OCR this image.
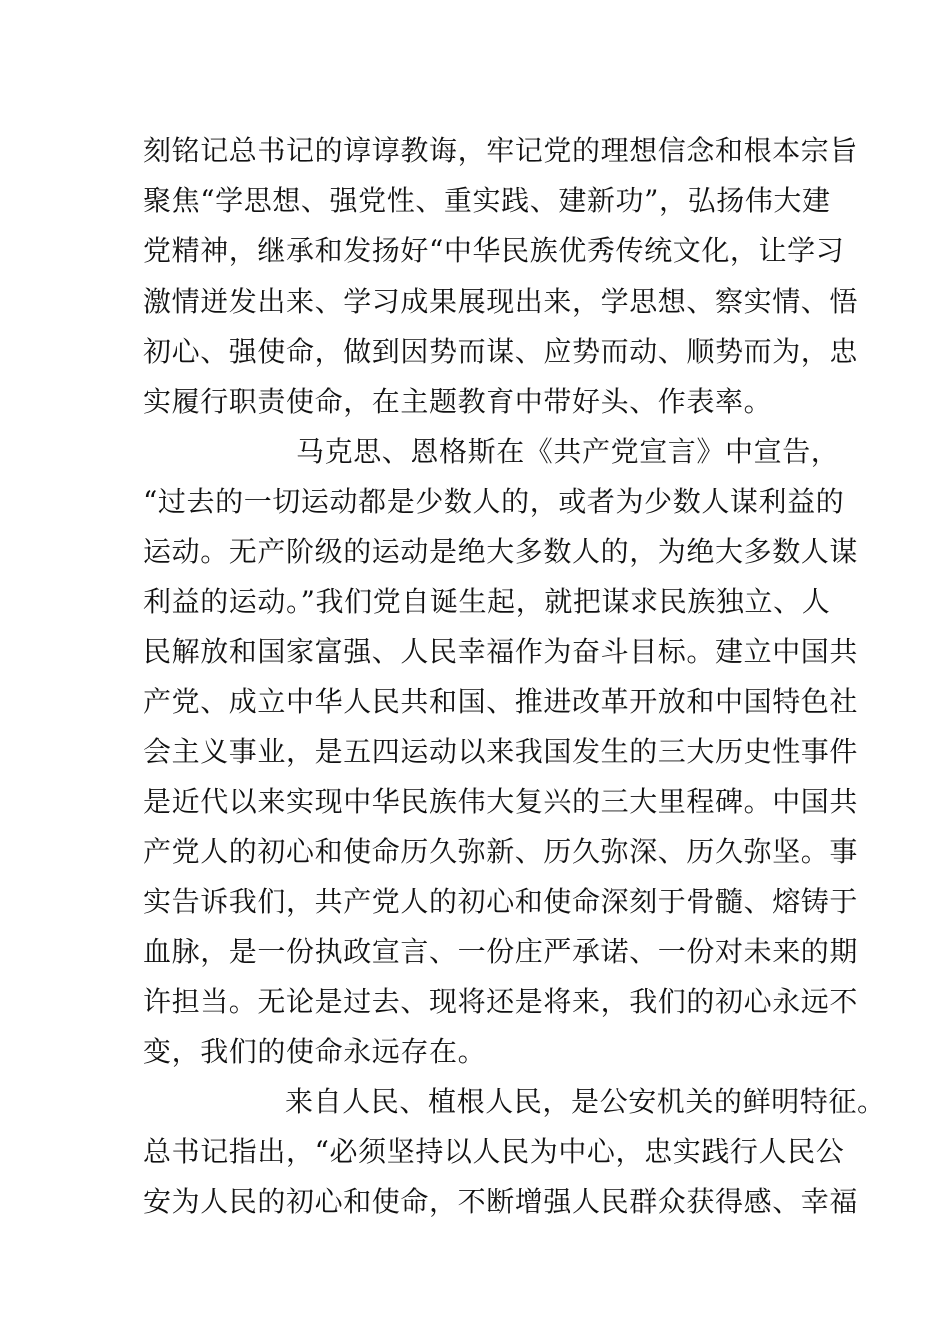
刻铭记总书记的谆谆教诲，牢记党的理想信念和根本宗旨
聚焦“学思想、强党性、重实践、建新功”，弘扬伟大建
党精神，继承和发扬好“中华民族优秀传统文化，让学习
激情迸发出来、学习成果展现出来，学思想、察实情、悟
初心、强使命，做到因势而谋、应势而动、顺势而为，忠
实履行职责使命，在主题教育中带好头、作表率。
马克思、恩格斯在《共产党宣言》中宣告，
“过去的一切运动都是少数人的，或者为少数人谋利益的
运动。无产阶级的运动是绝大多数人的，为绝大多数人谋
利益的运动。”我们党自诞生起，就把谋求民族独立、人
民解放和国家富强、人民幸福作为奋斗目标。建立中国共
产党、成立中华人民共和国、推进改革开放和中国特色社
会主义事业，是五四运动以来我国发生的三大历史性事件
是近代以来实现中华民族伟大复兴的三大里程碑。中国共
产党人的初心和使命历久弥新、历久弥深、历久弥坚。事
实告诉我们，共产党人的初心和使命深刻于骨髓、熔铸于
血脉，是一份执政宣言、一份庄严承诺、一份对未来的期
许担当。无论是过去、现将还是将来，我们的初心永远不
变，我们的使命永远存在。
来自人民、植根人民，是公安机关的鲜明特征。
总书记指出，“必须坚持以人民为中心，忠实践行人民公
安为人民的初心和使命，不断增强人民群众获得感、幸福
